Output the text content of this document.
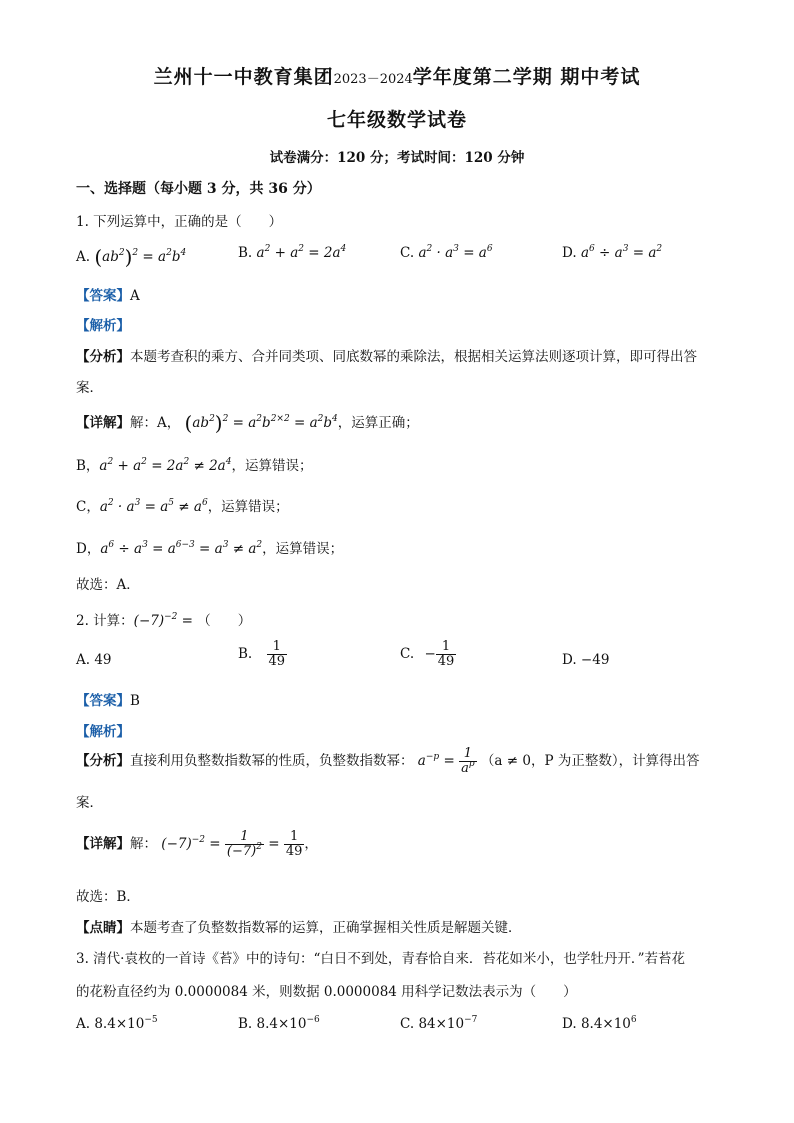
兰州十一中教育集团2023－2024学年度第二学期 期中考试
七年级数学试卷
试卷满分：120 分；考试时间：120 分钟
一、选择题（每小题 3 分，共 36 分）
1. 下列运算中，正确的是（　　）
A. $(ab^2)^2 = a^2b^4$	B. $a^2 + a^2 = 2a^4$	C. $a^2 \cdot a^3 = a^6$	D. $a^6 \div a^3 = a^2$
【答案】A
【解析】
【分析】本题考查积的乘方、合并同类项、同底数幂的乘除法，根据相关运算法则逐项计算，即可得出答
案．
【详解】解：A， $(ab^2)^2 = a^2b^{2\times 2} = a^2b^4$，运算正确；
B，$a^2 + a^2 = 2a^2 \ne 2a^4$，运算错误；
C，$a^2 \cdot a^3 = a^5 \ne a^6$，运算错误；
D，$a^6 \div a^3 = a^{6-3} = a^3 \ne a^2$，运算错误；
故选：A．
2. 计算：$(-7)^{-2}$ = （　　）
A. 49	B. $\frac{1}{49}$	C. − $\frac{1}{49}$	D. −49
【答案】B
【解析】
【分析】直接利用负整数指数幂的性质，负整数指数幂： $a^{-p} = \frac{1}{a^p} (a \ne 0$，P 为正整数），计算得出答
案．
【详解】解： $(-7)^{-2} = \frac{1}{(-7)^2} = \frac{1}{49}$ ，
故选：B．
【点睛】本题考查了负整数指数幂的运算，正确掌握相关性质是解题关键．
3. 清代·袁枚的一首诗《苔》中的诗句：“白日不到处，青春恰自来．苔花如米小，也学牡丹开．”若苔花
的花粉直径约为 0.0000084 米，则数据 0.0000084 用科学记数法表示为（　　）
A. $8.4\times 10^{-5}$	B. $8.4\times 10^{-6}$	C. $84\times 10^{-7}$	D. $8.4\times 10^6$
